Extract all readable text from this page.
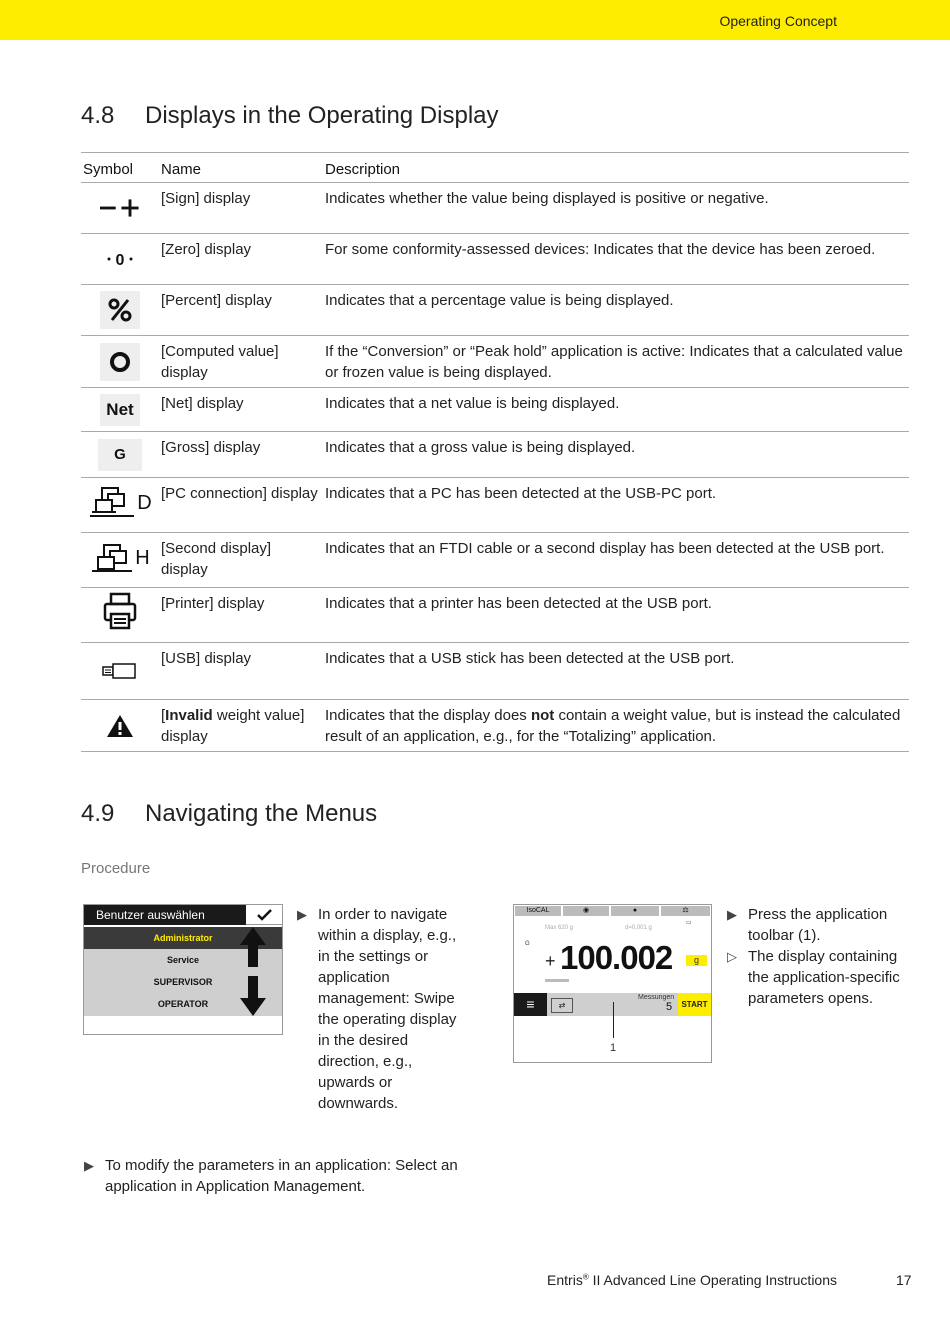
Operating Concept
4.8 Displays in the Operating Display
Symbol	Name	Description

	[Sign] display	Indicates whether the value being displayed is positive or negative.

0	[Zero] display	For some conformity-assessed devices: Indicates that the device has been zeroed.

	[Percent] display	Indicates that a percentage value is being displayed.

	[Computed value] display	If the “Conversion” or “Peak hold” application is active: Indicates that a calculated value or frozen value is being displayed.
Net	[Net] display	Indicates that a net value is being displayed.
G	[Gross] display	Indicates that a gross value is being displayed.

D	[PC connection] display	Indicates that a PC has been detected at the USB-PC port.

H	[Second display] display	Indicates that an FTDI cable or a second display has been detected at the USB port.

	[Printer] display	Indicates that a printer has been detected at the USB port.

	[USB] display	Indicates that a USB stick has been detected at the USB port.

	[Invalid weight value] display	Indicates that the display does not contain a weight value, but is instead the calculated result of an application, e.g., for the “Totalizing” application.
4.9 Navigating the Menus
Procedure
Benutzer auswählen
Administrator
Service
SUPERVISOR
OPERATOR
▶ In order to navigate within a display, e.g., in the settings or application management: Swipe the operating display in the desired direction, e.g., upwards or downwards.
IsoCAL	◉	●	⚖
▭
Max 620 g	d=0,001 g
G
+ 100.002	g
≡	⇄
Messungen
5	START
1
▶ Press the application toolbar (1).
▷ The display containing the application-specific parameters opens.
▶ To modify the parameters in an application: Select an application in Application Management.
Entris® II Advanced Line Operating Instructions	17
